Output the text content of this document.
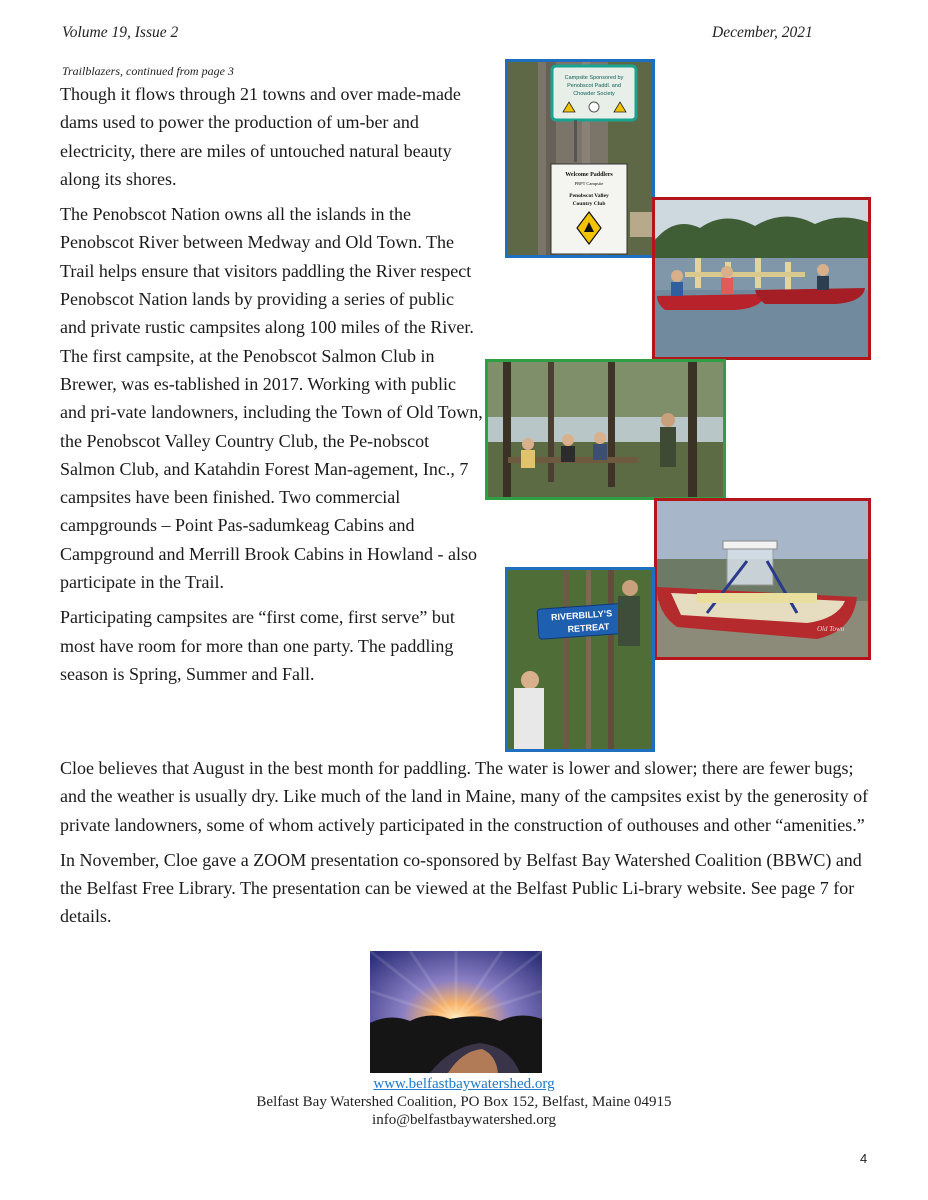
Volume 19, Issue 2	December, 2021
Trailblazers, continued from page 3

Though it flows through 21 towns and over made-made dams used to power the production of um-ber and electricity, there are miles of untouched natural beauty along its shores.

The Penobscot Nation owns all the islands in the Penobscot River between Medway and Old Town. The Trail helps ensure that visitors paddling the River respect Penobscot Nation lands by providing a series of public and private rustic campsites along 100 miles of the River. The first campsite, at the Penobscot Salmon Club in Brewer, was es-tablished in 2017. Working with public and pri-vate landowners, including the Town of Old Town, the Penobscot Valley Country Club, the Pe-nobscot Salmon Club, and Katahdin Forest Man-agement, Inc., 7 campsites have been finished. Two commercial campgrounds – Point Pas-sadumkeag Cabins and Campground and Merrill Brook Cabins in Howland - also participate in the Trail.

Participating campsites are “first come, first serve” but most have room for more than one party. The paddling season is Spring, Summer and Fall.

Cloe believes that August in the best month for paddling. The water is lower and slower; there are fewer bugs; and the weather is usually dry. Like much of the land in Maine, many of the campsites exist by the generosity of private landowners, some of whom actively participated in the construction of outhouses and other “amenities.”

In November, Cloe gave a ZOOM presentation co-sponsored by Belfast Bay Watershed Coalition (BBWC) and the Belfast Free Library. The presentation can be viewed at the Belfast Public Li-brary website. See page 7 for details.

Campsite Sponsored by
Penobscot Paddl. and
Chowder Society
Welcome Paddlers
PRPT Campsite
Penobscot Valley
Country Club
Old Town
RIVERBILLY’S
RETREAT
www.belfastbaywatershed.org
Belfast Bay Watershed Coalition, PO Box 152, Belfast, Maine 04915
info@belfastbaywatershed.org
4
